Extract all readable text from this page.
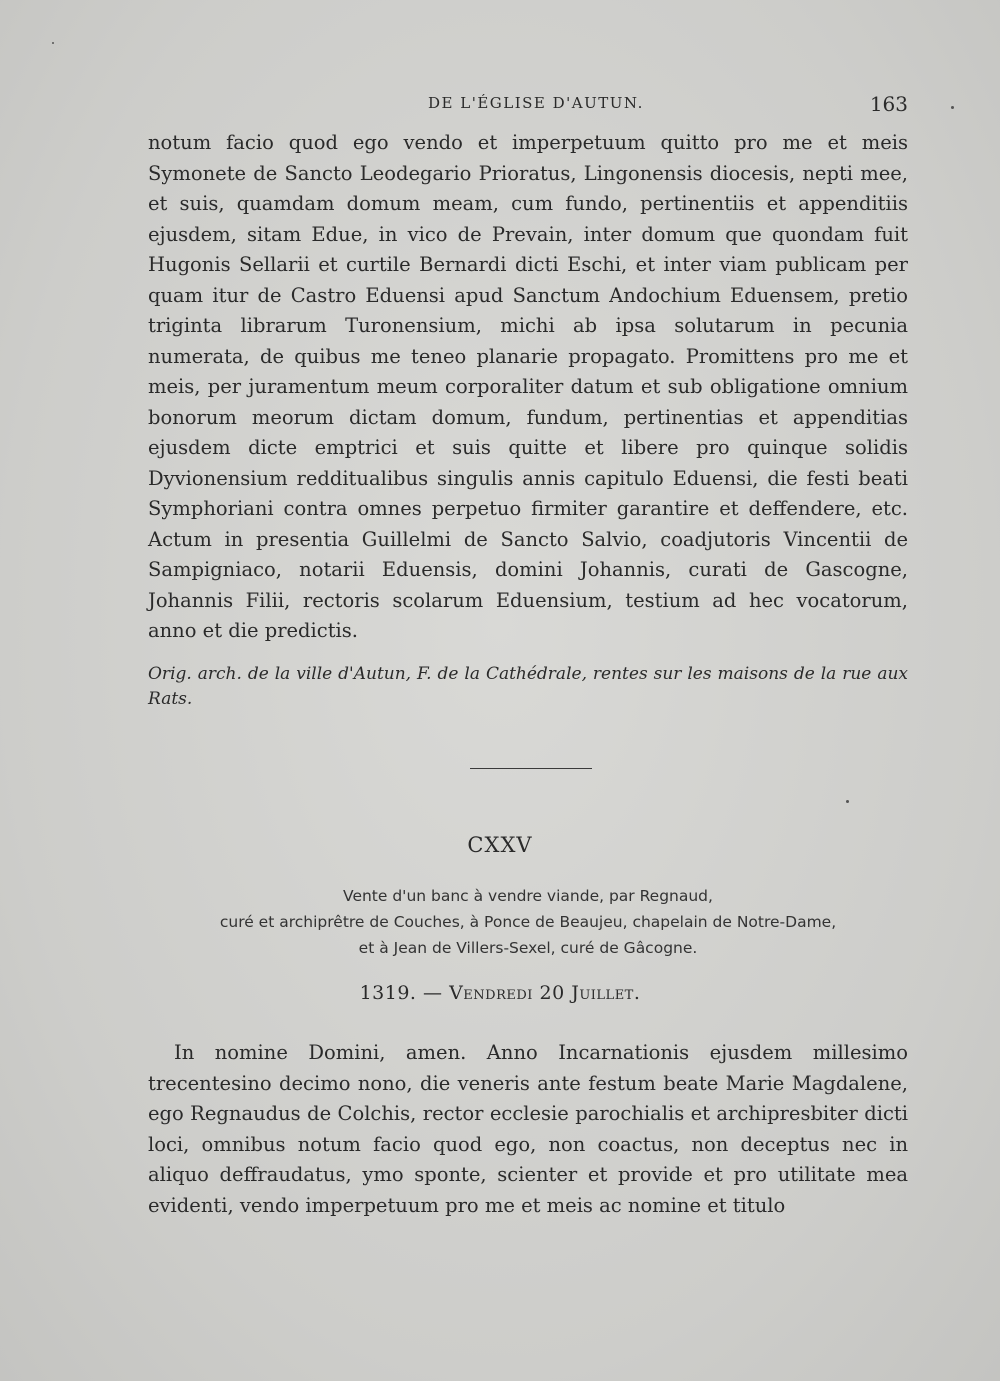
DE L'ÉGLISE D'AUTUN.	163

notum facio quod ego vendo et imperpetuum quitto pro me et meis Symonete de Sancto Leodegario Prioratus, Lingonensis diocesis, nepti mee, et suis, quamdam domum meam, cum fundo, pertinentiis et appenditiis ejusdem, sitam Edue, in vico de Prevain, inter domum que quondam fuit Hugonis Sellarii et curtile Bernardi dicti Eschi, et inter viam publicam per quam itur de Castro Eduensi apud Sanctum Andochium Eduensem, pretio triginta librarum Turonensium, michi ab ipsa solutarum in pecunia numerata, de quibus me teneo planarie propagato. Promittens pro me et meis, per juramentum meum corporaliter datum et sub obligatione omnium bonorum meorum dictam domum, fundum, pertinentias et appenditias ejusdem dicte emptrici et suis quitte et libere pro quinque solidis Dyvionensium redditualibus singulis annis capitulo Eduensi, die festi beati Symphoriani contra omnes perpetuo firmiter garantire et deffendere, etc. Actum in presentia Guillelmi de Sancto Salvio, coadjutoris Vincentii de Sampigniaco, notarii Eduensis, domini Johannis, curati de Gascogne, Johannis Filii, rectoris scolarum Eduensium, testium ad hec vocatorum, anno et die predictis.

Orig. arch. de la ville d'Autun, F. de la Cathédrale, rentes sur les maisons de la rue aux Rats.
CXXV
Vente d'un banc à vendre viande, par Regnaud,
curé et archiprêtre de Couches, à Ponce de Beaujeu, chapelain de Notre-Dame,
et à Jean de Villers-Sexel, curé de Gâcogne.
1319. — Vendredi 20 Juillet.

In nomine Domini, amen. Anno Incarnationis ejusdem millesimo trecentesino decimo nono, die veneris ante festum beate Marie Magdalene, ego Regnaudus de Colchis, rector ecclesie parochialis et archipresbiter dicti loci, omnibus notum facio quod ego, non coactus, non deceptus nec in aliquo deffraudatus, ymo sponte, scienter et provide et pro utilitate mea evidenti, vendo imperpetuum pro me et meis ac nomine et titulo
